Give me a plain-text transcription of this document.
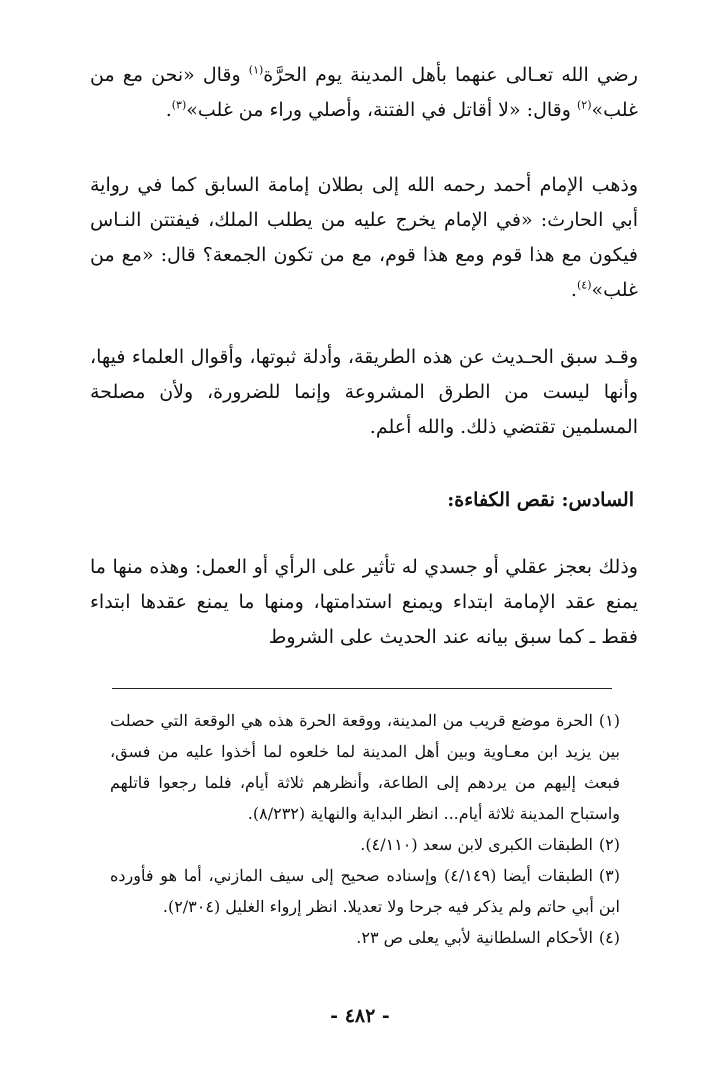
رضي الله تعـالى عنهما بأهل المدينة يوم الحرَّة$^{(١)}$ وقال «نحن مع من غلب»$^{(٢)}$ وقال: «لا أقاتل في الفتنة، وأصلي وراء من غلب»$^{(٣)}$.

وذهب الإمام أحمد رحمه الله إلى بطلان إمامة السابق كما في رواية أبي الحارث: «في الإمام يخرج عليه من يطلب الملك، فيفتتن النـاس فيكون مع هذا قوم ومع هذا قوم، مع من تكون الجمعة؟ قال: «مع من غلب»$^{(٤)}$.

وقـد سبق الحـديث عن هذه الطريقة، وأدلة ثبوتها، وأقوال العلماء فيها، وأنها ليست من الطرق المشروعة وإنما للضرورة، ولأن مصلحة المسلمين تقتضي ذلك. والله أعلم.

السادس: نقص الكفاءة:

وذلك بعجز عقلي أو جسدي له تأثير على الرأي أو العمل: وهذه منها ما يمنع عقد الإمامة ابتداء ويمنع استدامتها، ومنها ما يمنع عقدها ابتداء فقط ـ كما سبق بيانه عند الحديث على الشروط

(١)الحرة موضع قريب من المدينة، ووقعة الحرة هذه هي الوقعة التي حصلت بين يزيد ابن معـاوية وبين أهل المدينة لما خلعوه لما أخذوا عليه من فسق، فبعث إليهم من يردهم إلى الطاعة، وأنظرهم ثلاثة أيام، فلما رجعوا قاتلهم واستباح المدينة ثلاثة أيام... انظر البداية والنهاية (٨/٢٣٢).
(٢)الطبقات الكبرى لابن سعد (٤/١١٠).
(٣)الطبقات أيضا (٤/١٤٩) وإسناده صحيح إلى سيف المازني، أما هو فأورده ابن أبي حاتم ولم يذكر فيه جرحا ولا تعديلا. انظر إرواء الغليل (٢/٣٠٤).
(٤)الأحكام السلطانية لأبي يعلى ص ٢٣.
- ٤٨٢ -
